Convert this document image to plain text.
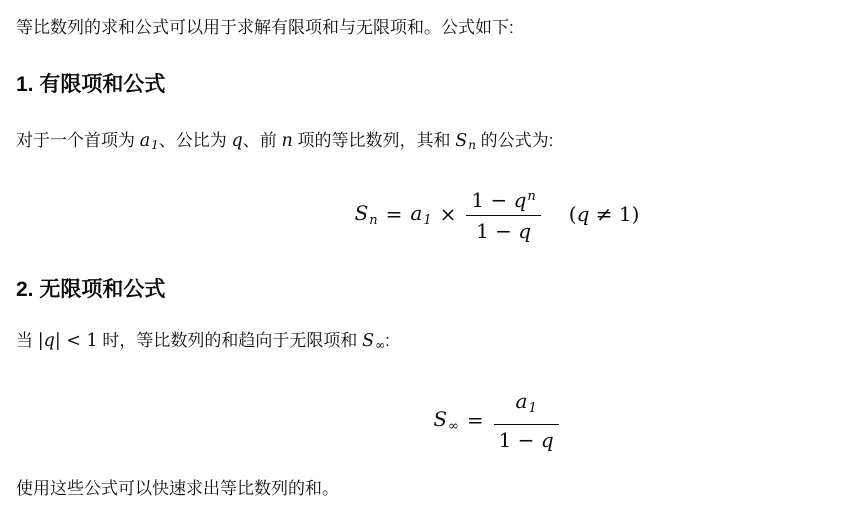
等比数列的求和公式可以用于求解有限项和与无限项和。公式如下:

1. 有限项和公式

对于一个首项为 a1、公比为 q、前 n 项的等比数列，其和 Sn 的公式为:

$S_n = a_1 \times \frac{1 - q^n}{1 - q} (q \ne 1)$
2. 无限项和公式

当 |q| < 1 时，等比数列的和趋向于无限项和 S∞:

$S_\infty = \frac{a_1}{1 - q}$

使用这些公式可以快速求出等比数列的和。
